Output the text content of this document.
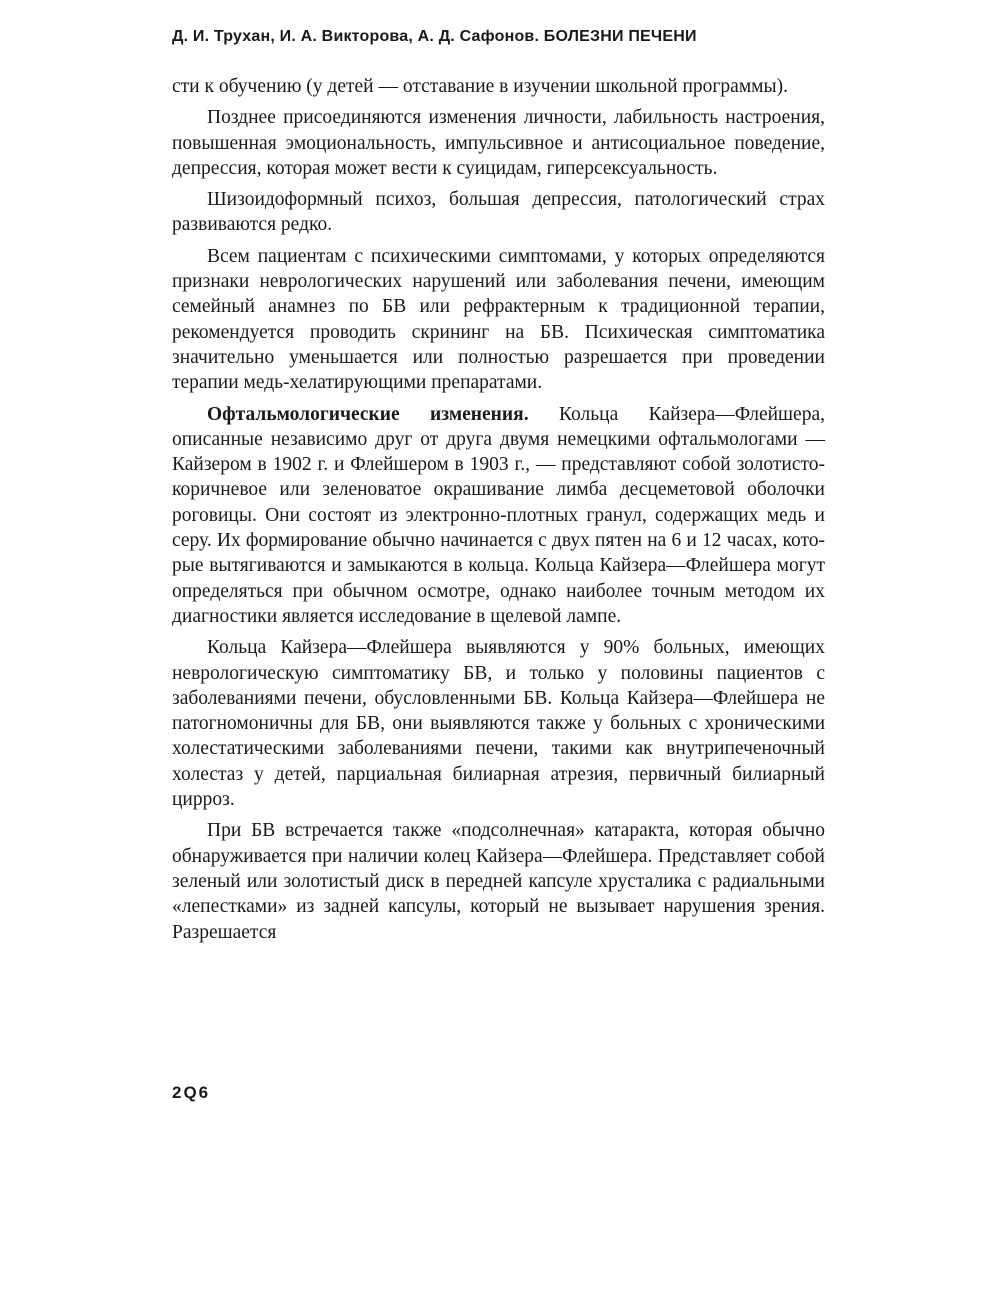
Д. И. Трухан, И. А. Викторова, А. Д. Сафонов. БОЛЕЗНИ ПЕЧЕНИ

сти к обучению (у детей — отставание в изучении школьной программы).

Позднее присоединяются изменения личности, лабильность настроения, повышенная эмоциональность, импульсивное и антисоциальное поведение, депрессия, которая может вести к суицидам, гиперсексуальность.

Шизоидоформный психоз, большая депрессия, патологический страх развиваются редко.

Всем пациентам с психическими симптомами, у которых определяются признаки неврологических нарушений или заболевания печени, имеющим семейный анамнез по БВ или рефрактерным к традиционной терапии, рекомендуется проводить скрининг на БВ. Психическая симптоматика значительно уменьшается или полностью разрешается при проведении терапии медь-хелатирующими препаратами.

Офтальмологические изменения. Кольца Кайзера—Флейшера, описанные независимо друг от друга двумя немецкими офтальмологами — Кайзером в 1902 г. и Флейшером в 1903 г., — представляют собой золотисто-коричневое или зеленоватое окрашивание лимба десцеметовой оболочки роговицы. Они состоят из электронно-плотных гранул, содержащих медь и серу. Их формирование обычно начинается с двух пятен на 6 и 12 часах, которые вытягиваются и замыкаются в кольца. Кольца Кайзера—Флейшера могут определяться при обычном осмотре, однако наиболее точным методом их диагностики является исследование в щелевой лампе.

Кольца Кайзера—Флейшера выявляются у 90% больных, имеющих неврологическую симптоматику БВ, и только у половины пациентов с заболеваниями печени, обусловленными БВ. Кольца Кайзера—Флейшера не патогномоничны для БВ, они выявляются также у больных с хроническими холестатическими заболеваниями печени, такими как внутрипеченочный холестаз у детей, парциальная билиарная атрезия, первичный билиарный цирроз.

При БВ встречается также «подсолнечная» катаракта, которая обычно обнаруживается при наличии колец Кайзера—Флейшера. Представляет собой зеленый или золотистый диск в передней капсуле хрусталика с радиальными «лепестками» из задней капсулы, который не вызывает нарушения зрения. Разрешается

2Q6
